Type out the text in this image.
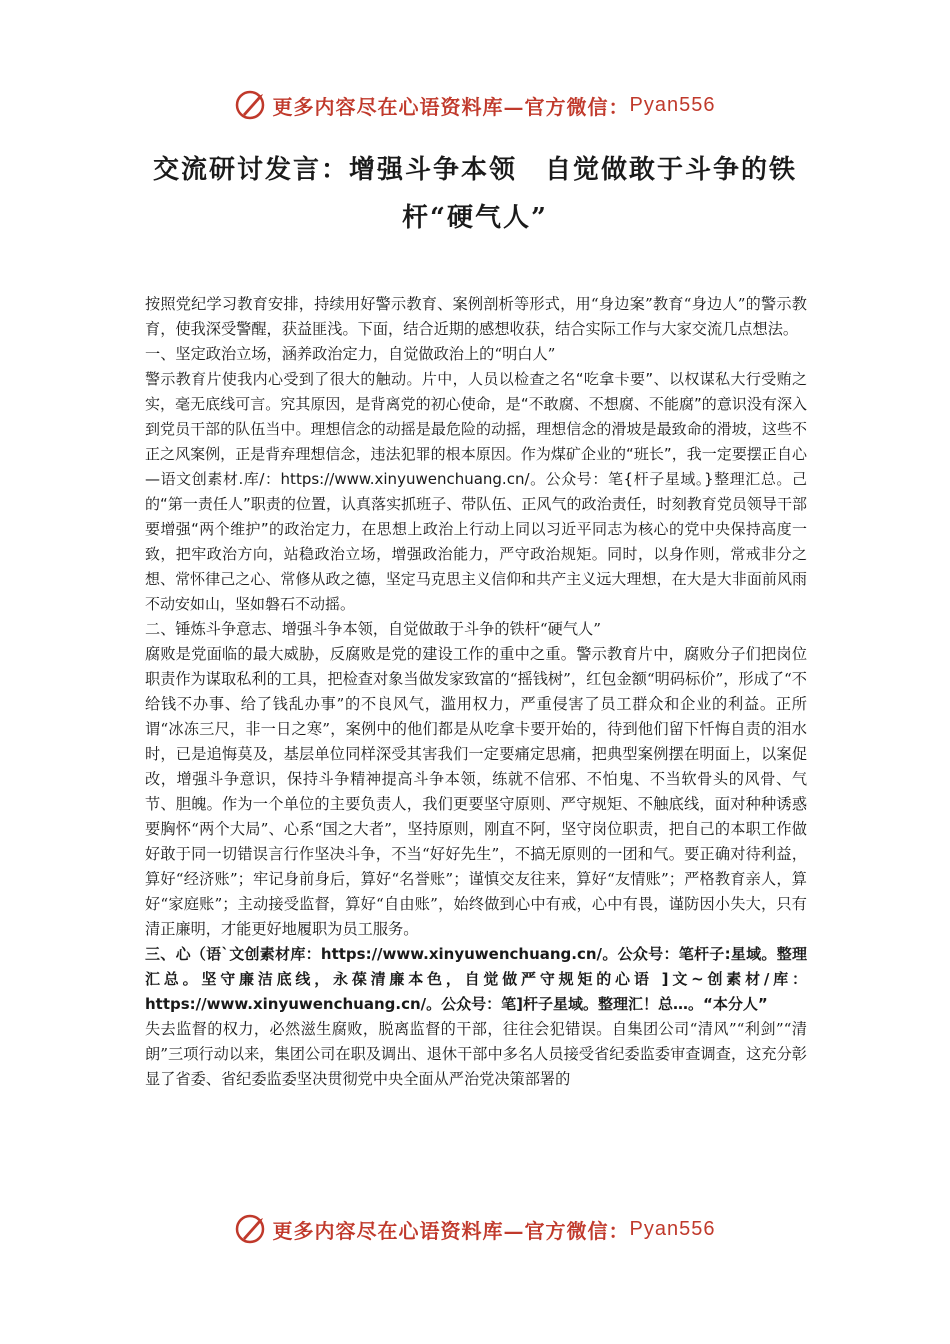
更多内容尽在心语资料库—官方微信： Pyan556
交流研讨发言：增强斗争本领　自觉做敢于斗争的铁
杆“硬气人”

按照党纪学习教育安排，持续用好警示教育、案例剖析等形式，用“身边案”教育“身边人”的警示教育，使我深受警醒，获益匪浅。下面，结合近期的感想收获，结合实际工作与大家交流几点想法。

一、坚定政治立场，涵养政治定力，自觉做政治上的“明白人”

警示教育片使我内心受到了很大的触动。片中，人员以检查之名“吃拿卡要”、以权谋私大行受贿之实，毫无底线可言。究其原因，是背离党的初心使命，是“不敢腐、不想腐、不能腐”的意识没有深入到党员干部的队伍当中。理想信念的动摇是最危险的动摇，理想信念的滑坡是最致命的滑坡，这些不正之风案例，正是背弃理想信念，违法犯罪的根本原因。作为煤矿企业的“班长”，我一定要摆正自心—语文创素材.库/：https://www.xinyuwenchuang.cn/。公众号：笔{杆子星域。}整理汇总。己的“第一责任人”职责的位置，认真落实抓班子、带队伍、正风气的政治责任，时刻教育党员领导干部要增强“两个维护”的政治定力，在思想上政治上行动上同以习近平同志为核心的党中央保持高度一致，把牢政治方向，站稳政治立场，增强政治能力，严守政治规矩。同时，以身作则，常戒非分之想、常怀律己之心、常修从政之德，坚定马克思主义信仰和共产主义远大理想，在大是大非面前风雨不动安如山，坚如磐石不动摇。

二、锤炼斗争意志、增强斗争本领，自觉做敢于斗争的铁杆“硬气人”

腐败是党面临的最大威胁，反腐败是党的建设工作的重中之重。警示教育片中，腐败分子们把岗位职责作为谋取私利的工具，把检查对象当做发家致富的“摇钱树”，红包金额“明码标价”，形成了“不给钱不办事、给了钱乱办事”的不良风气，滥用权力，严重侵害了员工群众和企业的利益。正所谓“冰冻三尺，非一日之寒”，案例中的他们都是从吃拿卡要开始的，待到他们留下忏悔自责的泪水时，已是追悔莫及，基层单位同样深受其害我们一定要痛定思痛，把典型案例摆在明面上，以案促改，增强斗争意识，保持斗争精神提高斗争本领，练就不信邪、不怕鬼、不当软骨头的风骨、气节、胆魄。作为一个单位的主要负责人，我们更要坚守原则、严守规矩、不触底线，面对种种诱惑要胸怀“两个大局”、心系“国之大者”，坚持原则，刚直不阿，坚守岗位职责，把自己的本职工作做好敢于同一切错误言行作坚决斗争，不当“好好先生”，不搞无原则的一团和气。要正确对待利益，算好“经济账”；牢记身前身后，算好“名誉账”；谨慎交友往来，算好“友情账”；严格教育亲人，算好“家庭账”；主动接受监督，算好“自由账”，始终做到心中有戒，心中有畏，谨防因小失大，只有清正廉明，才能更好地履职为员工服务。

三、心（语`文创素材库：https://www.xinyuwenchuang.cn/。公众号：笔杆子:星域。整理汇总。坚守廉洁底线，永葆清廉本色，自觉做严守规矩的心语 ]文~创素材/库：https://www.xinyuwenchuang.cn/。公众号：笔]杆子星域。整理汇！总…。“本分人”

失去监督的权力，必然滋生腐败，脱离监督的干部，往往会犯错误。自集团公司“清风”“利剑”“清朗”三项行动以来，集团公司在职及调出、退休干部中多名人员接受省纪委监委审查调查，这充分彰显了省委、省纪委监委坚决贯彻党中央全面从严治党决策部署的

更多内容尽在心语资料库—官方微信： Pyan556
